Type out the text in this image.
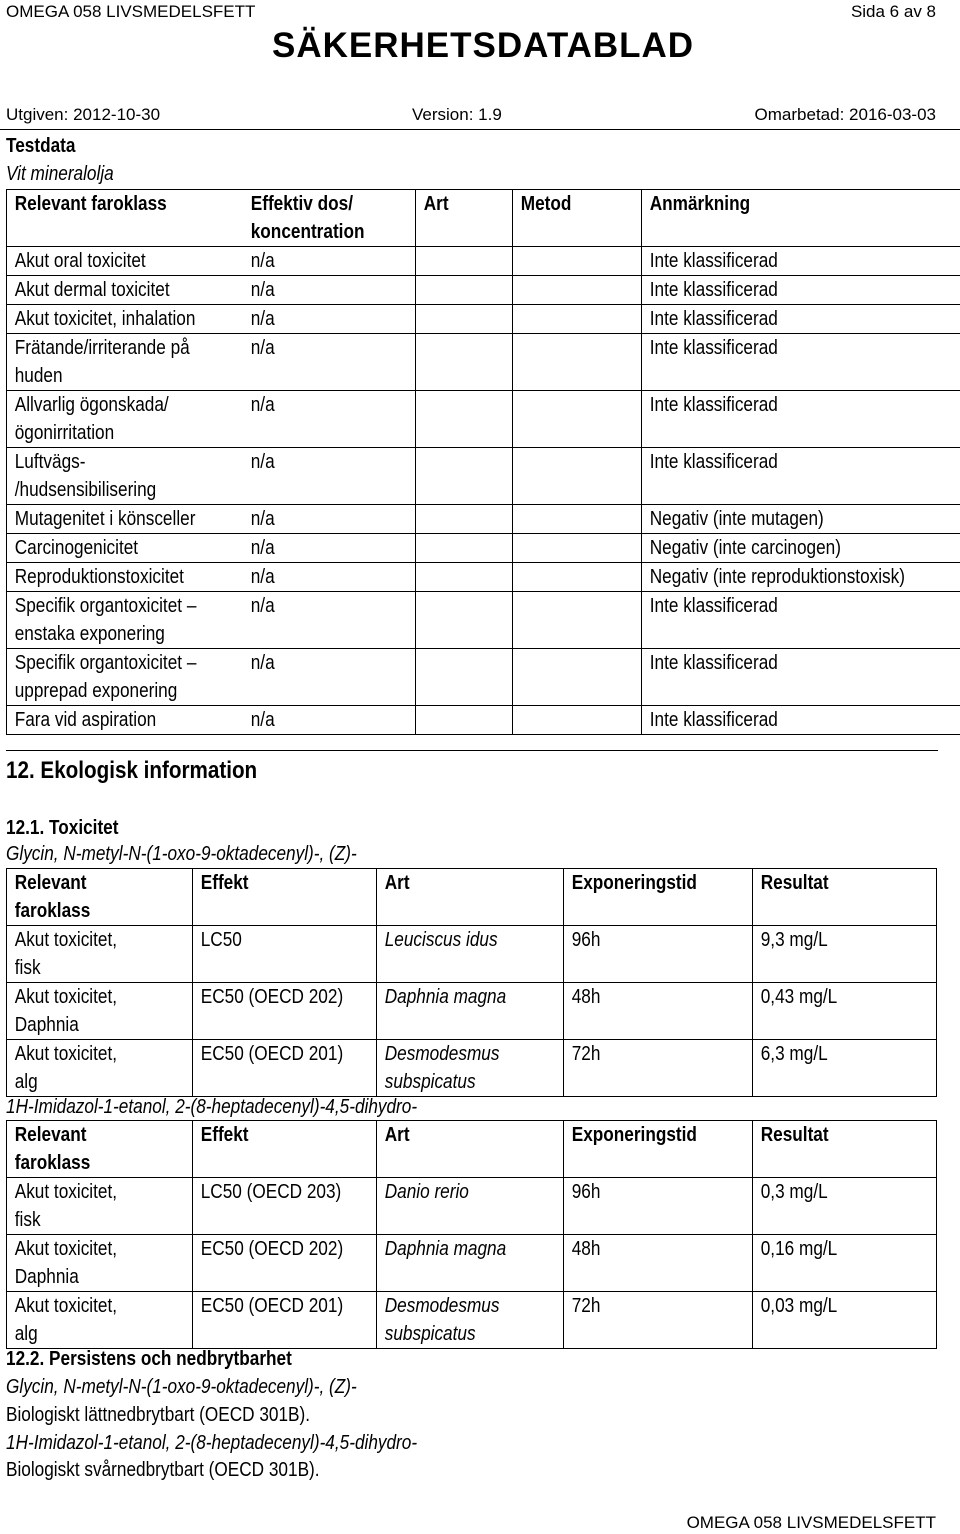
OMEGA 058 LIVSMEDELSFETT	Sida 6 av 8
SÄKERHETSDATABLAD
Utgiven: 2012-10-30	Version: 1.9	Omarbetad: 2016-03-03
Testdata
Vit mineralolja
Relevant faroklass	Effektiv dos/ koncentration	Art	Metod	Anmärkning

Akut oral toxicitet	n/a			Inte klassificerad

Akut dermal toxicitet	n/a			Inte klassificerad

Akut toxicitet, inhalation	n/a			Inte klassificerad

Frätande/irriterande på huden	n/a			Inte klassificerad

Allvarlig ögonskada/ ögonirritation	n/a			Inte klassificerad

Luftvägs- /hudsensibilisering	n/a			Inte klassificerad

Mutagenitet i könsceller	n/a			Negativ (inte mutagen)

Carcinogenicitet	n/a			Negativ (inte carcinogen)

Reproduktionstoxicitet	n/a			Negativ (inte reproduktionstoxisk)

Specifik organtoxicitet – enstaka exponering	n/a			Inte klassificerad

Specifik organtoxicitet – upprepad exponering	n/a			Inte klassificerad

Fara vid aspiration	n/a			Inte klassificerad
12. Ekologisk information
12.1. Toxicitet
Glycin, N-metyl-N-(1-oxo-9-oktadecenyl)-, (Z)-
Relevant faroklass	Effekt	Art	Exponeringstid	Resultat

Akut toxicitet, fisk	LC50	Leuciscus idus	96h	9,3 mg/L

Akut toxicitet, Daphnia	EC50 (OECD 202)	Daphnia magna	48h	0,43 mg/L

Akut toxicitet, alg	EC50 (OECD 201)	Desmodesmus subspicatus	72h	6,3 mg/L
1H-Imidazol-1-etanol, 2-(8-heptadecenyl)-4,5-dihydro-
Relevant faroklass	Effekt	Art	Exponeringstid	Resultat

Akut toxicitet, fisk	LC50 (OECD 203)	Danio rerio	96h	0,3 mg/L

Akut toxicitet, Daphnia	EC50 (OECD 202)	Daphnia magna	48h	0,16 mg/L

Akut toxicitet, alg	EC50 (OECD 201)	Desmodesmus subspicatus	72h	0,03 mg/L
12.2. Persistens och nedbrytbarhet
Glycin, N-metyl-N-(1-oxo-9-oktadecenyl)-, (Z)-
Biologiskt lättnedbrytbart (OECD 301B).
1H-Imidazol-1-etanol, 2-(8-heptadecenyl)-4,5-dihydro-
Biologiskt svårnedbrytbart (OECD 301B).
OMEGA 058 LIVSMEDELSFETT
